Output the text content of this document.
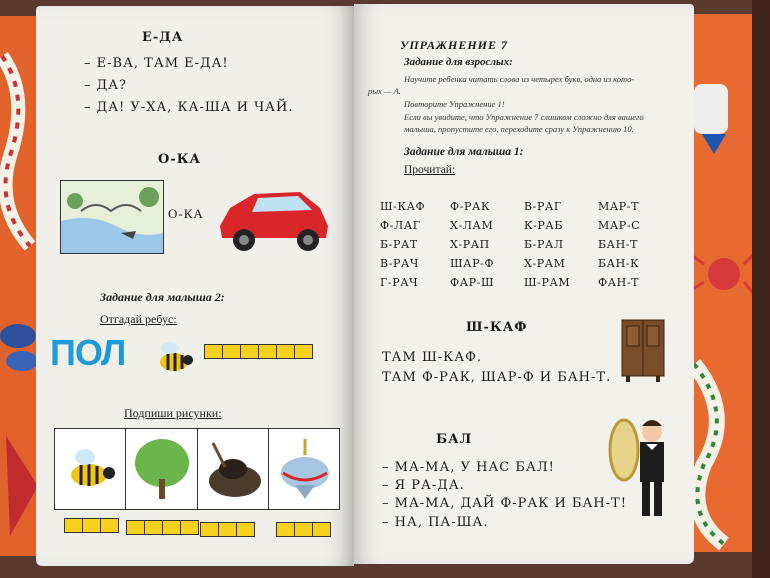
Е-ДА
– Е-ВА, ТАМ Е-ДА!
– ДА?
– ДА! У-ХА, КА-ША И ЧАЙ.
О-КА
О-КА
Задание для малыша 2:
Отгадай ребус:
ПОЛ
Подпиши рисунки:
УПРАЖНЕНИЕ 7
Задание для взрослых:
Научите ребенка читать слова из четырех букв, одна из кото-
рых — А.
Повторите Упражнение 1!
Если вы увидите, что Упражнение 7 слишком сложно для вашего
малыша, пропустите его, переходите сразу к Упражнению 10.
Задание для малыша 1:
Прочитай:
Ш-КАФ Ф-РАК	В-РАГ	МАР-Т
Ф-ЛАГ	Х-ЛАМ	К-РАБ	МАР-С
Б-РАТ	Х-РАП	Б-РАЛ	БАН-Т
В-РАЧ	ШАР-Ф	Х-РАМ	БАН-К
Г-РАЧ	ФАР-Ш	Ш-РАМ	ФАН-Т
Ш-КАФ
ТАМ Ш-КАФ.
ТАМ Ф-РАК, ШАР-Ф И БАН-Т.
БАЛ
– МА-МА, У НАС БАЛ!
– Я РА-ДА.
– МА-МА, ДАЙ Ф-РАК И БАН-Т!
– НА, ПА-ША.
